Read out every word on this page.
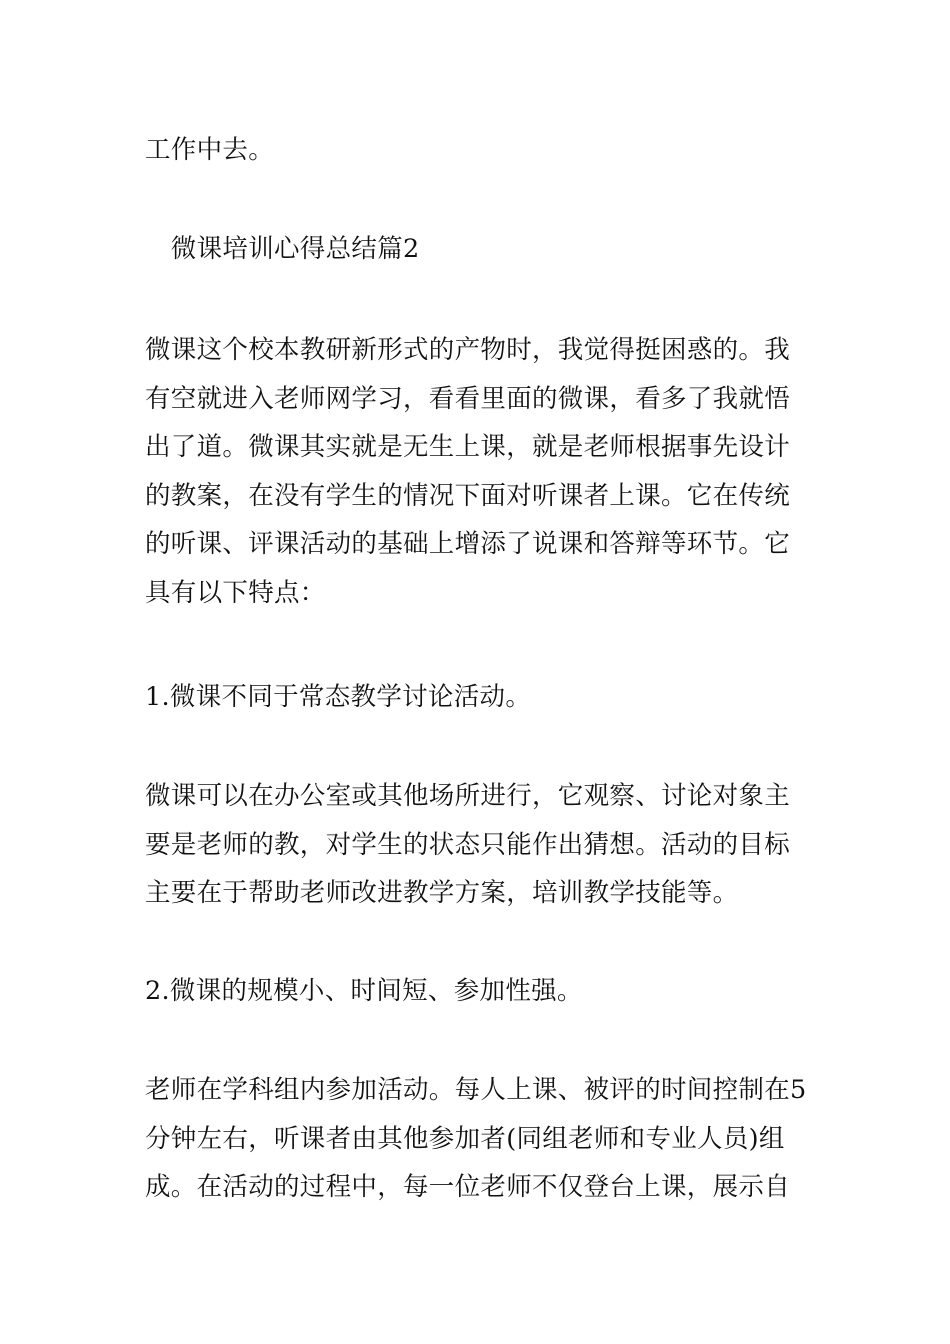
工作中去。

　微课培训心得总结篇2

微课这个校本教研新形式的产物时，我觉得挺困惑的。我有空就进入老师网学习，看看里面的微课，看多了我就悟出了道。微课其实就是无生上课，就是老师根据事先设计的教案，在没有学生的情况下面对听课者上课。它在传统的听课、评课活动的基础上增添了说课和答辩等环节。它具有以下特点：

1.微课不同于常态教学讨论活动。

微课可以在办公室或其他场所进行，它观察、讨论对象主要是老师的教，对学生的状态只能作出猜想。活动的目标主要在于帮助老师改进教学方案，培训教学技能等。

2.微课的规模小、时间短、参加性强。

老师在学科组内参加活动。每人上课、被评的时间控制在5分钟左右，听课者由其他参加者(同组老师和专业人员)组成。在活动的过程中，每一位老师不仅登台上课，展示自
